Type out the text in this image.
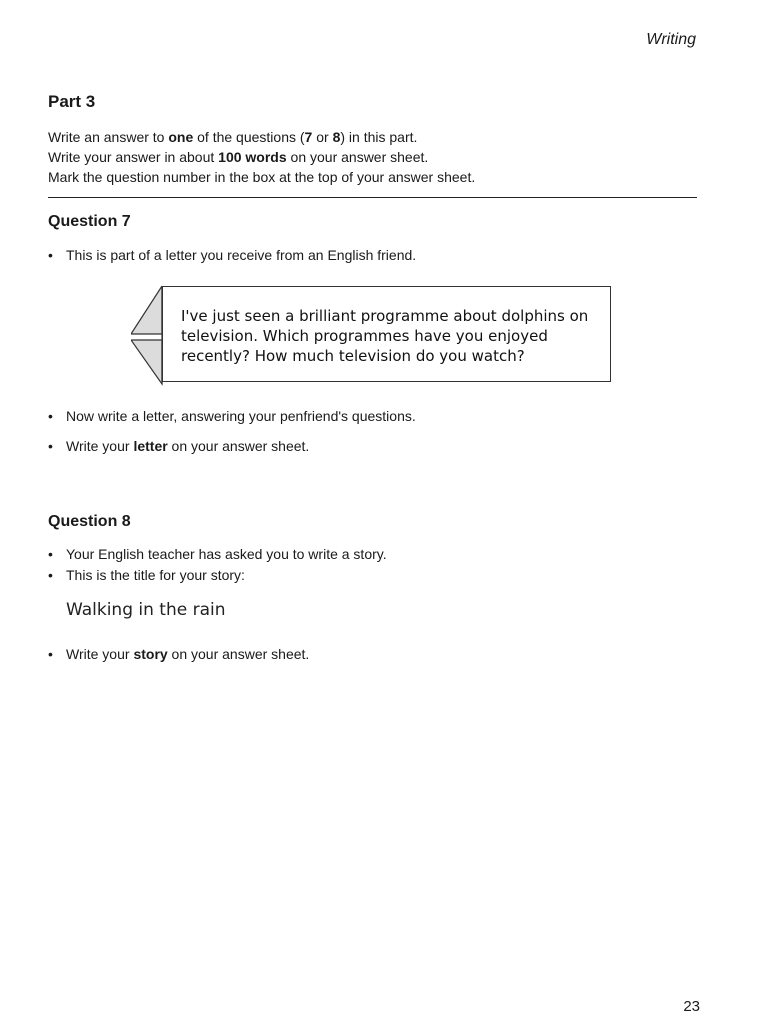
Writing
Part 3
Write an answer to one of the questions (7 or 8) in this part.
Write your answer in about 100 words on your answer sheet.
Mark the question number in the box at the top of your answer sheet.
Question 7
• This is part of a letter you receive from an English friend.
I've just seen a brilliant programme about dolphins on
television. Which programmes have you enjoyed
recently? How much television do you watch?
• Now write a letter, answering your penfriend's questions.
• Write your letter on your answer sheet.
Question 8
• Your English teacher has asked you to write a story.
• This is the title for your story:
Walking in the rain
• Write your story on your answer sheet.
23
